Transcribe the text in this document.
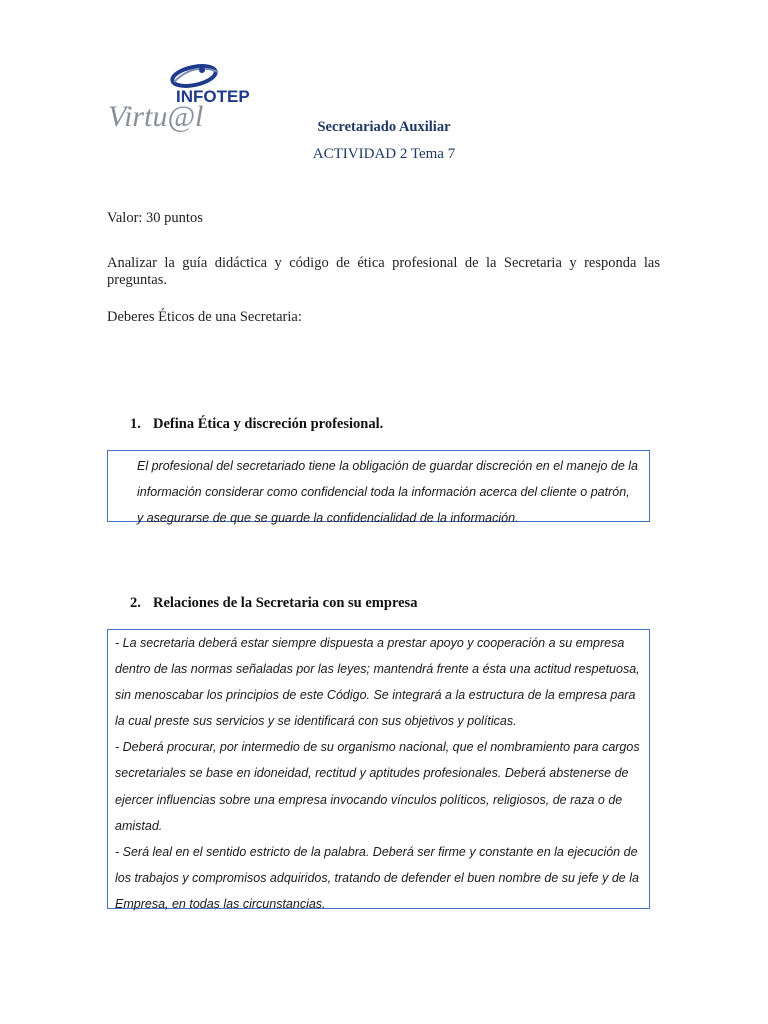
INFOTEP
Virtu@l	Secretariado Auxiliar
ACTIVIDAD 2 Tema 7
Valor: 30 puntos
Analizar la guía didáctica y código de ética profesional de la Secretaria y responda las preguntas.
Deberes Éticos de una Secretaria:
1. Defina Ética y discreción profesional.

El profesional del secretariado tiene la obligación de guardar discreción en el manejo de la información considerar como confidencial toda la información acerca del cliente o patrón, y asegurarse de que se guarde la confidencialidad de la información.

2. Relaciones de la Secretaria con su empresa

- La secretaria deberá estar siempre dispuesta a prestar apoyo y cooperación a su empresa dentro de las normas señaladas por las leyes; mantendrá frente a ésta una actitud respetuosa, sin menoscabar los principios de este Código. Se integrará a la estructura de la empresa para la cual preste sus servicios y se identificará con sus objetivos y políticas.

- Deberá procurar, por intermedio de su organismo nacional, que el nombramiento para cargos secretariales se base en idoneidad, rectitud y aptitudes profesionales. Deberá abstenerse de ejercer influencias sobre una empresa invocando vínculos políticos, religiosos, de raza o de amistad.

- Será leal en el sentido estricto de la palabra. Deberá ser firme y constante en la ejecución de los trabajos y compromisos adquiridos, tratando de defender el buen nombre de su jefe y de la Empresa, en todas las circunstancias.
